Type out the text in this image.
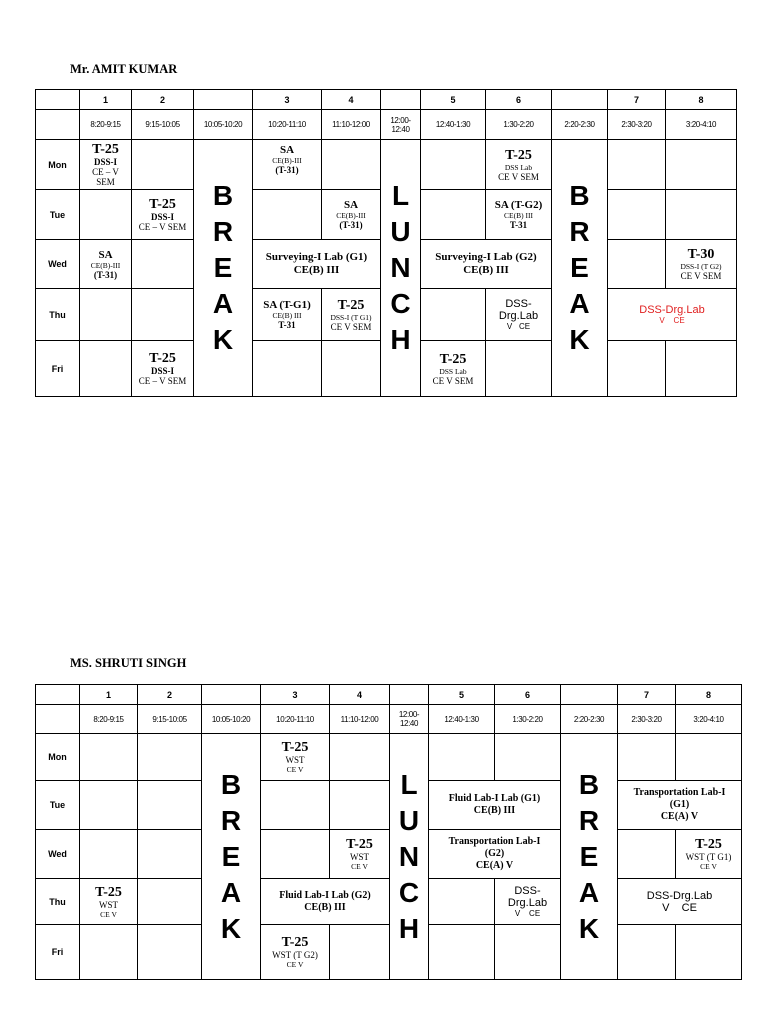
Mr. AMIT KUMAR
	1	2		3	4		5	6		7	8
	8:20-9:15	9:15-10:05	10:05-10:20	10:20-11:10	11:10-12:00	12:00-
12:40	12:40-1:30	1:30-2:20	2:20-2:30	2:30-3:20	3:20-4:10
Mon	T-25
DSS-I
CE – V
SEM		B
R
E
A
K	SA
CE(B)-III
(T-31)		L
U
N
C
H		T-25
DSS Lab
CE V SEM	B
R
E
A
K		

Tue		T-25
DSS-I
CE – V SEM			SA
CE(B)-III
(T-31)			SA (T-G2)
CE(B) III
T-31			

Wed	SA
CE(B)-III
(T-31)			Surveying-I Lab (G1)
CE(B) III			Surveying-I Lab (G2)
CE(B) III				T-30
DSS-I (T G2)
CE V SEM

Thu				SA (T-G1)
CE(B) III
T-31	T-25
DSS-I (T G1)
CE V SEM			DSS-
Drg.Lab
V CE		DSS-Drg.Lab
V CE	

Fri		T-25
DSS-I
CE – V SEM					T-25
DSS Lab
CE V SEM				

MS. SHRUTI SINGH
	1	2		3	4		5	6		7	8
	8:20-9:15	9:15-10:05	10:05-10:20	10:20-11:10	11:10-12:00	12:00-
12:40	12:40-1:30	1:30-2:20	2:20-2:30	2:30-3:20	3:20-4:10
Mon			B
R
E
A
K	T-25
WST
CE V		L
U
N
C
H			B
R
E
A
K		

Tue							Fluid Lab-I Lab (G1)
CE(B) III			Transportation Lab-I
(G1)
CE(A) V	

Wed					T-25
WST
CE V		Transportation Lab-I
(G2)
CE(A) V				T-25
WST (T G1)
CE V

Thu	T-25
WST
CE V			Fluid Lab-I Lab (G2)
CE(B) III				DSS-
Drg.Lab
V CE		DSS-Drg.Lab
V CE	

Fri				T-25
WST (T G2)
CE V							
